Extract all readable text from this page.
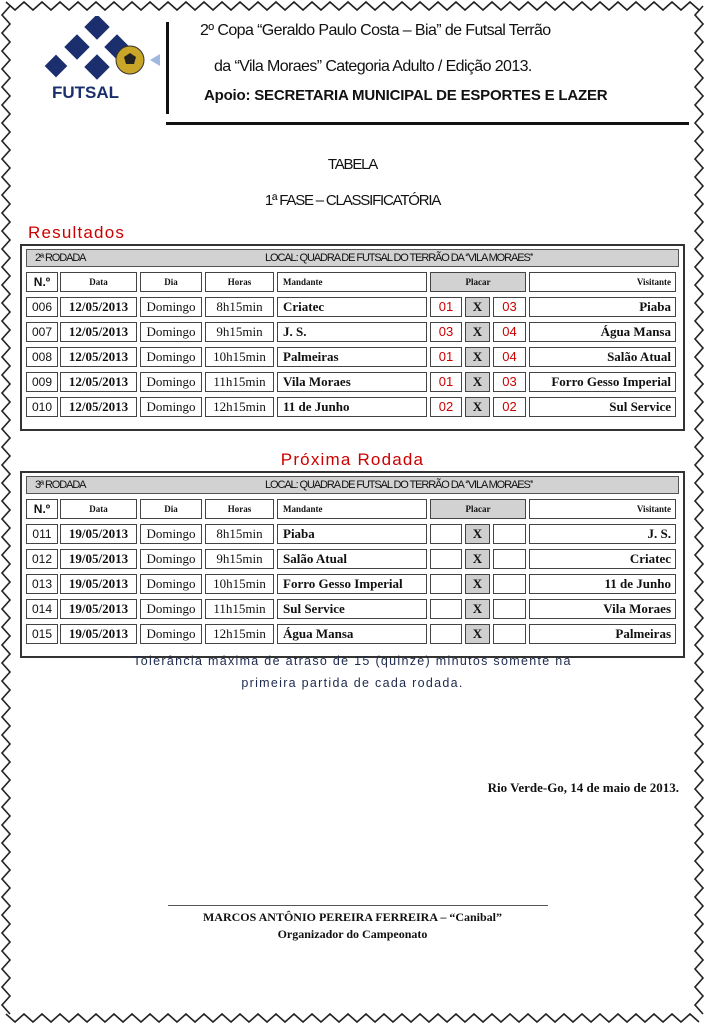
FUTSAL
2º Copa “Geraldo Paulo Costa – Bia” de Futsal Terrão
da “Vila Moraes” Categoria Adulto / Edição 2013.
Apoio: SECRETARIA MUNICIPAL DE ESPORTES E LAZER
TABELA
1ª FASE – CLASSIFICATÓRIA
Resultados
2ª RODADA	LOCAL: QUADRA DE FUTSAL DO TERRÃO DA ‘’VILA MORAES’’
N.º	Data	Dia	Horas	Mandante	Placar	Visitante
006	12/05/2013	Domingo	8h15min	Criatec	01	X	03	Piaba
007	12/05/2013	Domingo	9h15min	J. S.	03	X	04	Água Mansa
008	12/05/2013	Domingo	10h15min	Palmeiras	01	X	04	Salão Atual
009	12/05/2013	Domingo	11h15min	Vila Moraes	01	X	03	Forro Gesso Imperial
010	12/05/2013	Domingo	12h15min	11 de Junho	02	X	02	Sul Service
Próxima Rodada
3ª RODADA	LOCAL: QUADRA DE FUTSAL DO TERRÃO DA ‘’VILA MORAES’’
N.º	Data	Dia	Horas	Mandante	Placar	Visitante
011	19/05/2013	Domingo	8h15min	Piaba	X	J. S.
012	19/05/2013	Domingo	9h15min	Salão Atual	X	Criatec
013	19/05/2013	Domingo	10h15min	Forro Gesso Imperial	X	11 de Junho
014	19/05/2013	Domingo	11h15min	Sul Service	X	Vila Moraes
015	19/05/2013	Domingo	12h15min	Água Mansa	X	Palmeiras
Tolerância máxima de atraso de 15 (quinze) minutos somente na
primeira partida de cada rodada.
Rio Verde-Go, 14 de maio de 2013.
MARCOS ANTÔNIO PEREIRA FERREIRA – “Canibal”
Organizador do Campeonato
